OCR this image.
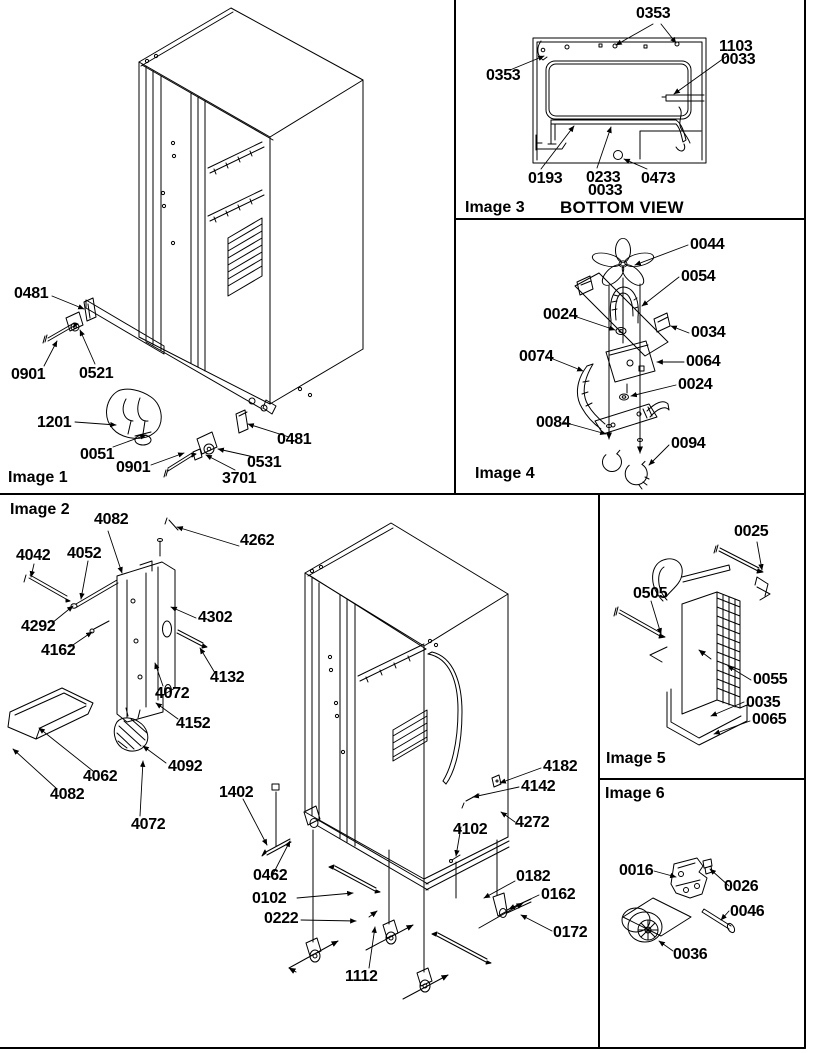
Image 1
0481
0901 0521
1201
0051
0901
3701
0531
0481
Image 2
4082
4262
4042 4052
4292
4302
4162
4132
4072
4152
4092
4062
4082
4072
1402
0462
0102
0222
1112
4102 4272
4142
4182
0182
0162
0172
Image 3 BOTTOM VIEW
0353
1103
0033
0353
0193 0233
0033
0473
Image 4
0044
0054
0024
0034
0074	0064
0024
0084
0094
Image 5
0025
0505
0055
0035
0065
Image 6
0016
0026
0046
0036
